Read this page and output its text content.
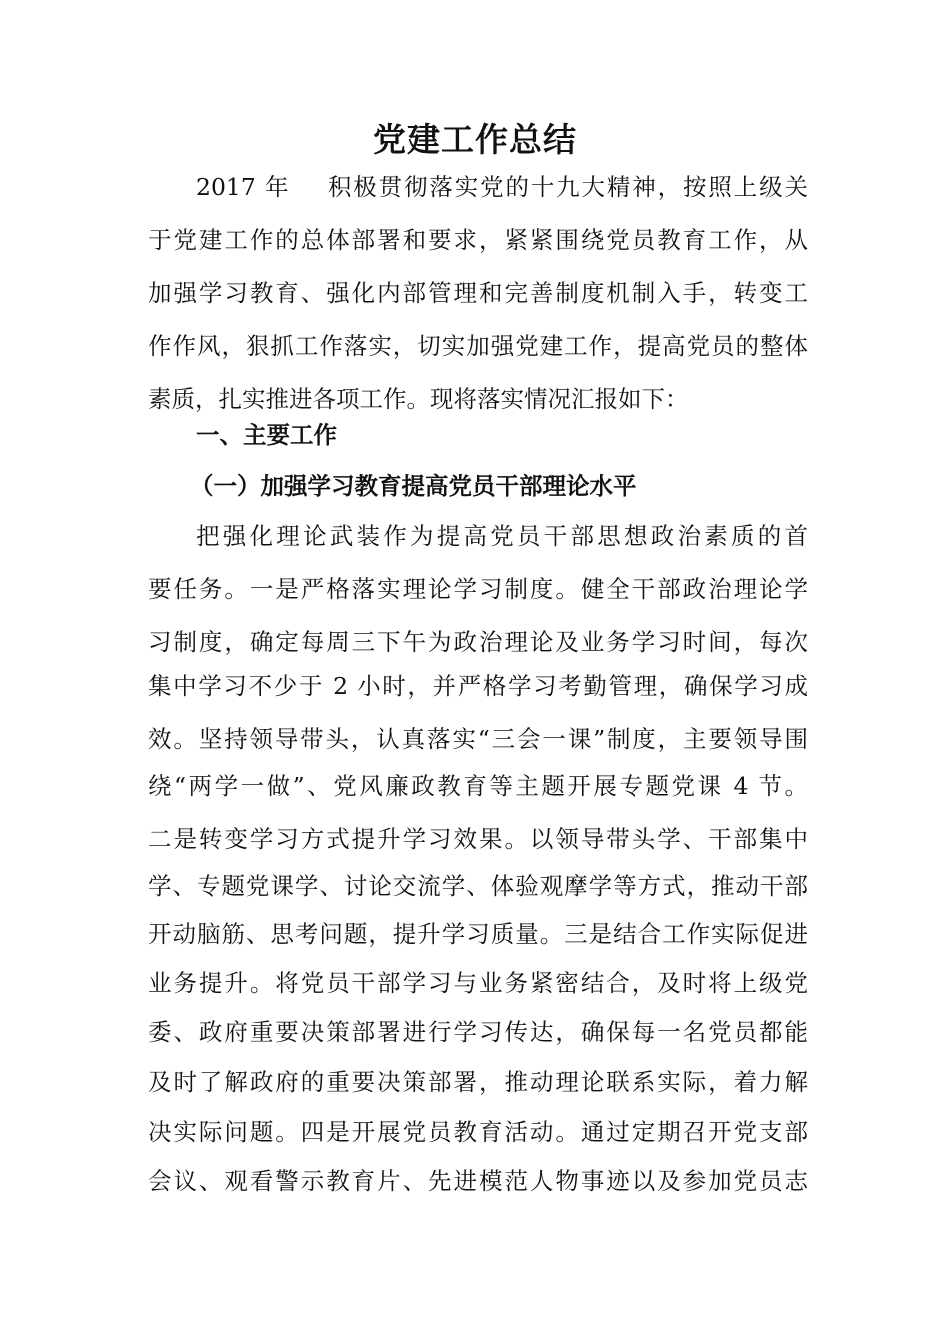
党建工作总结
2017 年    积极贯彻落实党的十九大精神，按照上级关
于党建工作的总体部署和要求，紧紧围绕党员教育工作，从
加强学习教育、强化内部管理和完善制度机制入手，转变工
作作风，狠抓工作落实，切实加强党建工作，提高党员的整体
素质，扎实推进各项工作。现将落实情况汇报如下：
一、主要工作
（一）加强学习教育提高党员干部理论水平
把强化理论武装作为提高党员干部思想政治素质的首
要任务。一是严格落实理论学习制度。健全干部政治理论学
习制度，确定每周三下午为政治理论及业务学习时间，每次
集中学习不少于 2 小时，并严格学习考勤管理，确保学习成
效。坚持领导带头，认真落实“三会一课”制度，主要领导围
绕“两学一做”、党风廉政教育等主题开展专题党课 4 节。
二是转变学习方式提升学习效果。以领导带头学、干部集中
学、专题党课学、讨论交流学、体验观摩学等方式，推动干部
开动脑筋、思考问题，提升学习质量。三是结合工作实际促进
业务提升。将党员干部学习与业务紧密结合，及时将上级党
委、政府重要决策部署进行学习传达，确保每一名党员都能
及时了解政府的重要决策部署，推动理论联系实际，着力解
决实际问题。四是开展党员教育活动。通过定期召开党支部
会议、观看警示教育片、先进模范人物事迹以及参加党员志
